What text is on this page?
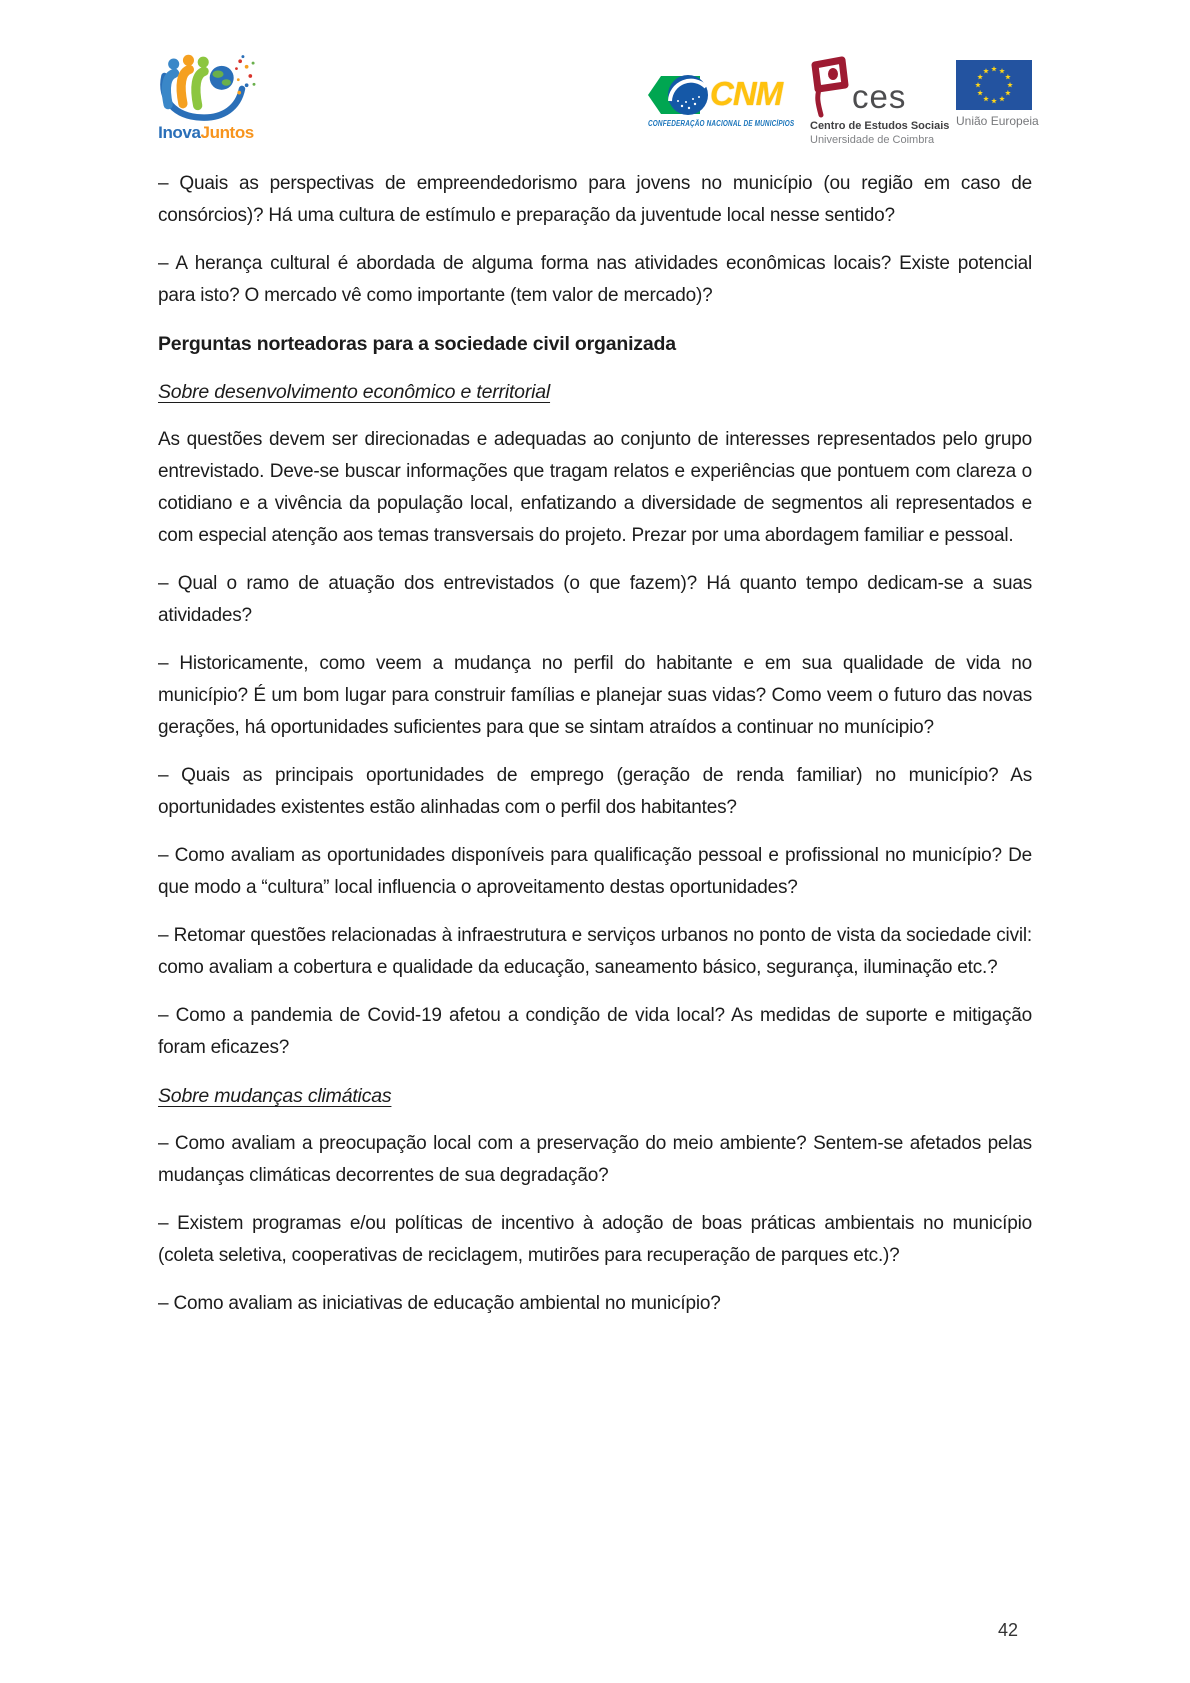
InovaJuntos
CNM
CONFEDERAÇÃO NACIONAL DE MUNICÍPIOS
ces
Centro de Estudos Sociais
Universidade de Coimbra
União Europeia

– Quais as perspectivas de empreendedorismo para jovens no município (ou região em caso de consórcios)? Há uma cultura de estímulo e preparação da juventude local nesse sentido?

– A herança cultural é abordada de alguma forma nas atividades econômicas locais? Existe potencial para isto? O mercado vê como importante (tem valor de mercado)?

Perguntas norteadoras para a sociedade civil organizada

Sobre desenvolvimento econômico e territorial

As questões devem ser direcionadas e adequadas ao conjunto de interesses representados pelo grupo entrevistado. Deve-se buscar informações que tragam relatos e experiências que pontuem com clareza o cotidiano e a vivência da população local, enfatizando a diversidade de segmentos ali representados e com especial atenção aos temas transversais do projeto. Prezar por uma abordagem familiar e pessoal.

– Qual o ramo de atuação dos entrevistados (o que fazem)? Há quanto tempo dedicam-se a suas atividades?

– Historicamente, como veem a mudança no perfil do habitante e em sua qualidade de vida no município? É um bom lugar para construir famílias e planejar suas vidas? Como veem o futuro das novas gerações, há oportunidades suficientes para que se sintam atraídos a continuar no munícipio?

– Quais as principais oportunidades de emprego (geração de renda familiar) no município? As oportunidades existentes estão alinhadas com o perfil dos habitantes?

– Como avaliam as oportunidades disponíveis para qualificação pessoal e profissional no município? De que modo a “cultura” local influencia o aproveitamento destas oportunidades?

– Retomar questões relacionadas à infraestrutura e serviços urbanos no ponto de vista da sociedade civil: como avaliam a cobertura e qualidade da educação, saneamento básico, segurança, iluminação etc.?

– Como a pandemia de Covid-19 afetou a condição de vida local? As medidas de suporte e mitigação foram eficazes?

Sobre mudanças climáticas

– Como avaliam a preocupação local com a preservação do meio ambiente? Sentem-se afetados pelas mudanças climáticas decorrentes de sua degradação?

– Existem programas e/ou políticas de incentivo à adoção de boas práticas ambientais no município (coleta seletiva, cooperativas de reciclagem, mutirões para recuperação de parques etc.)?

– Como avaliam as iniciativas de educação ambiental no município?

42
